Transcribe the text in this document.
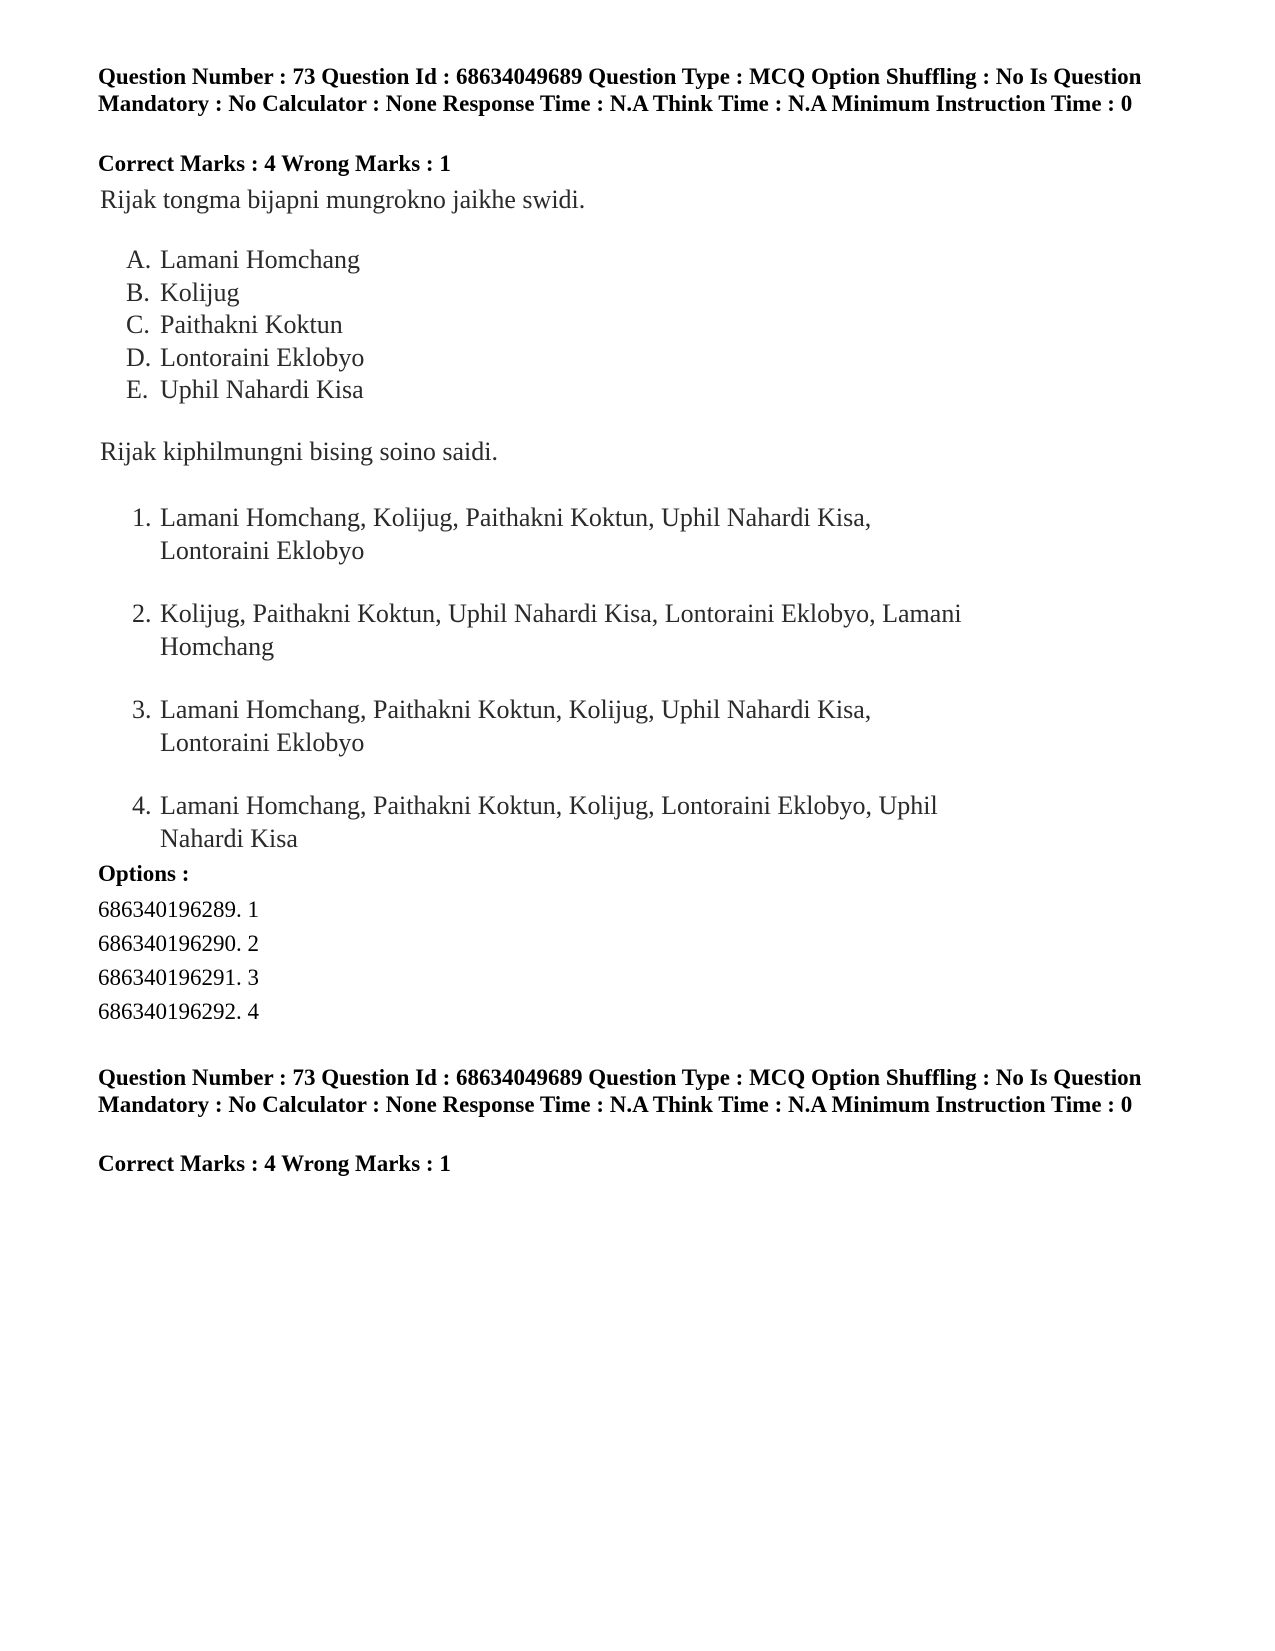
Question Number : 73 Question Id : 68634049689 Question Type : MCQ Option Shuffling : No Is Question Mandatory : No Calculator : None Response Time : N.A Think Time : N.A Minimum Instruction Time : 0
Correct Marks : 4 Wrong Marks : 1

Rijak tongma bijapni mungrokno jaikhe swidi.

A. Lamani Homchang
B. Kolijug
C. Paithakni Koktun
D. Lontoraini Eklobyo
E. Uphil Nahardi Kisa

Rijak kiphilmungni bising soino saidi.

1. Lamani Homchang, Kolijug, Paithakni Koktun, Uphil Nahardi Kisa, Lontoraini Eklobyo
2. Kolijug, Paithakni Koktun, Uphil Nahardi Kisa, Lontoraini Eklobyo, Lamani Homchang
3. Lamani Homchang, Paithakni Koktun, Kolijug, Uphil Nahardi Kisa, Lontoraini Eklobyo
4. Lamani Homchang, Paithakni Koktun, Kolijug, Lontoraini Eklobyo, Uphil Nahardi Kisa
Options :
686340196289. 1
686340196290. 2
686340196291. 3
686340196292. 4
Question Number : 73 Question Id : 68634049689 Question Type : MCQ Option Shuffling : No Is Question Mandatory : No Calculator : None Response Time : N.A Think Time : N.A Minimum Instruction Time : 0
Correct Marks : 4 Wrong Marks : 1
